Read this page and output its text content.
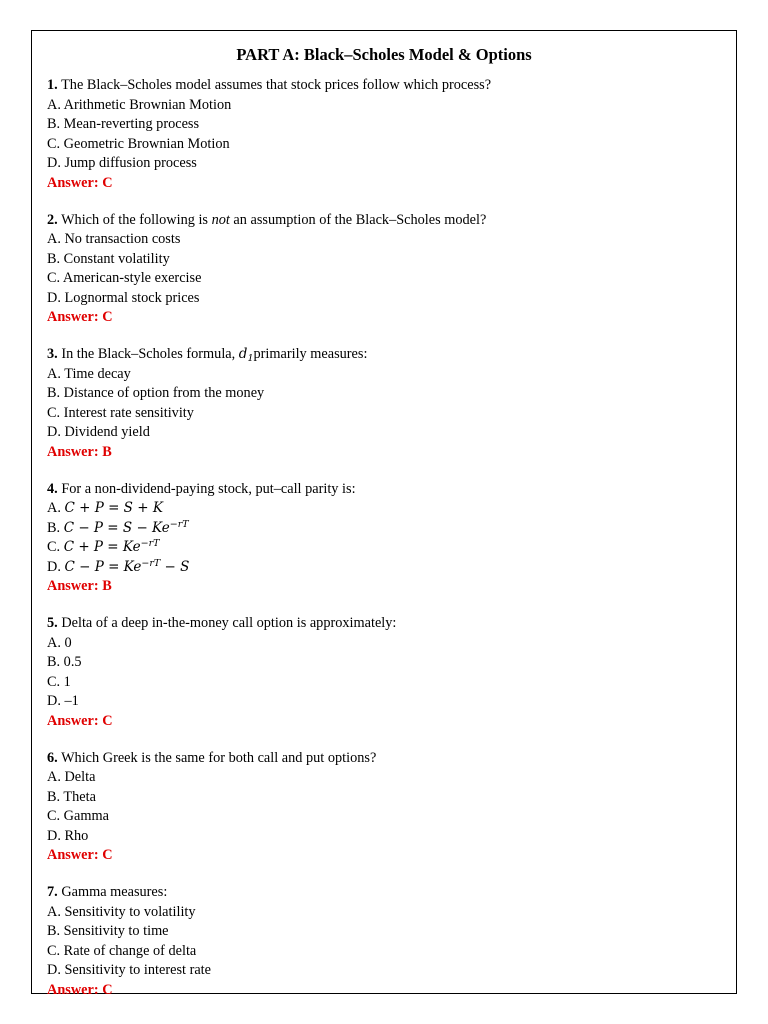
PART A: Black–Scholes Model & Options
1. The Black–Scholes model assumes that stock prices follow which process?
A. Arithmetic Brownian Motion
B. Mean-reverting process
C. Geometric Brownian Motion
D. Jump diffusion process
Answer: C
2. Which of the following is not an assumption of the Black–Scholes model?
A. No transaction costs
B. Constant volatility
C. American-style exercise
D. Lognormal stock prices
Answer: C
3. In the Black–Scholes formula, $d_1primarily$ measures:
A. Time decay
B. Distance of option from the money
C. Interest rate sensitivity
D. Dividend yield
Answer: B
4. For a non-dividend-paying stock, put–call parity is:
A. C + P = S + K
B. $C - P = S - Ke^{-rT}$
C. $C + P = Ke^{-rT}$
D. $C - P = Ke^{-rT} - S$
Answer: B
5. Delta of a deep in-the-money call option is approximately:
A. 0
B. 0.5
C. 1
D. –1
Answer: C
6. Which Greek is the same for both call and put options?
A. Delta
B. Theta
C. Gamma
D. Rho
Answer: C
7. Gamma measures:
A. Sensitivity to volatility
B. Sensitivity to time
C. Rate of change of delta
D. Sensitivity to interest rate
Answer: C
